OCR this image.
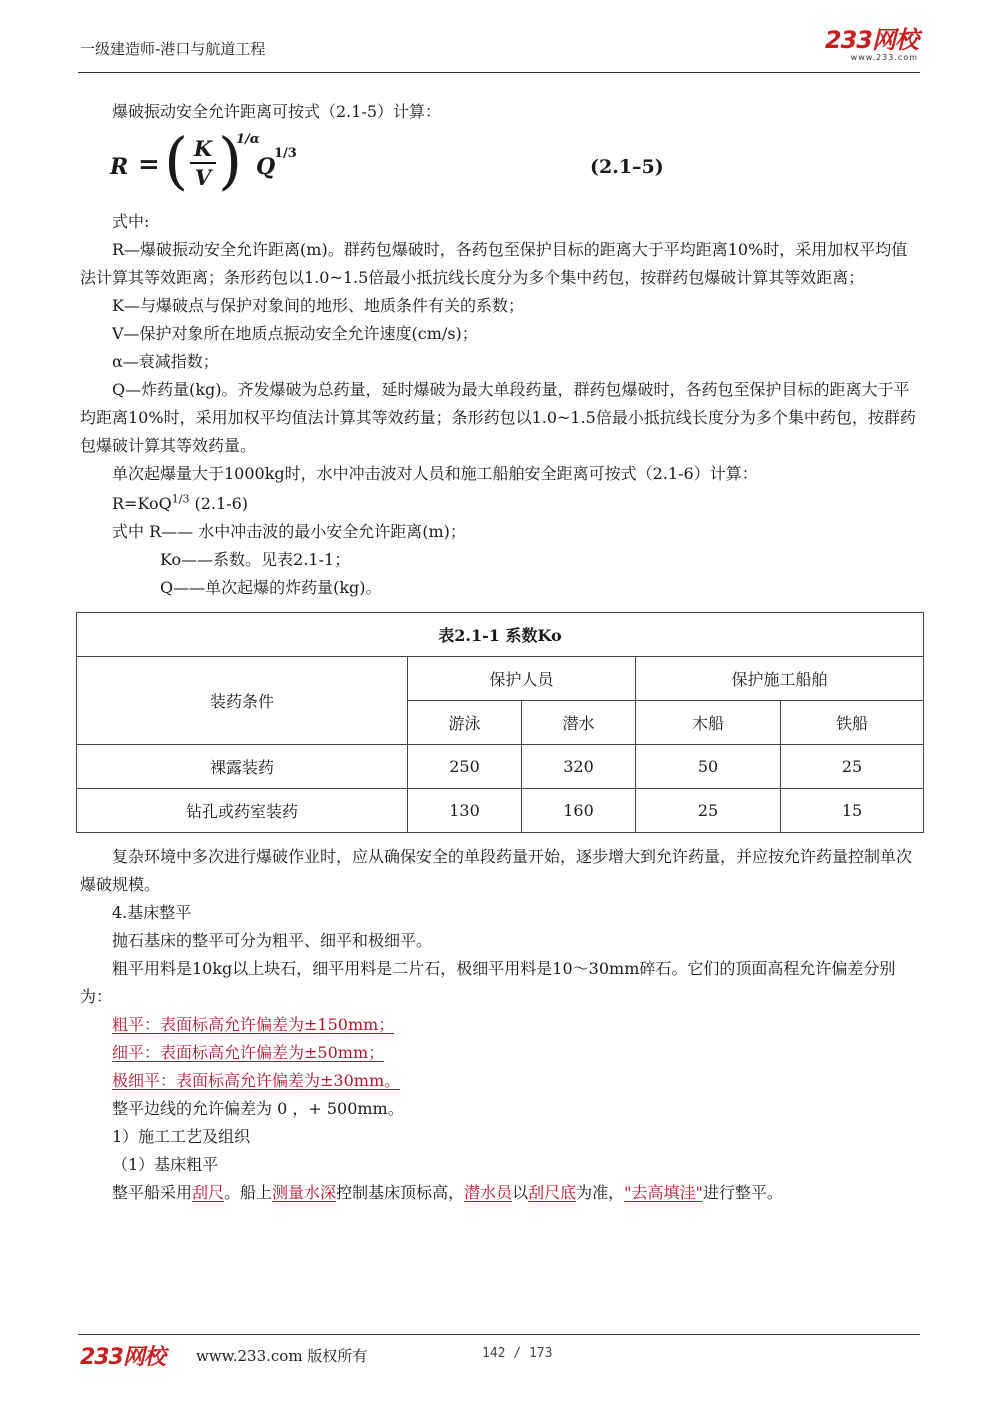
一级建造师-港口与航道工程	233网校
www.233.com

爆破振动安全允许距离可按式（2.1-5）计算：

R = ( $\frac{K}{V}$ )
1/α
Q
1/3
(2.1–5)

式中:

R—爆破振动安全允许距离(m)。群药包爆破时，各药包至保护目标的距离大于平均距离10%时，采用加权平均值法计算其等效距离；条形药包以1.0~1.5倍最小抵抗线长度分为多个集中药包，按群药包爆破计算其等效距离；

K—与爆破点与保护对象间的地形、地质条件有关的系数；

V—保护对象所在地质点振动安全允许速度(cm/s)；

α—衰减指数；

Q—炸药量(kg)。齐发爆破为总药量，延时爆破为最大单段药量，群药包爆破时，各药包至保护目标的距离大于平均距离10%时，采用加权平均值法计算其等效药量；条形药包以1.0~1.5倍最小抵抗线长度分为多个集中药包，按群药包爆破计算其等效药量。

单次起爆量大于1000kg时，水中冲击波对人员和施工船舶安全距离可按式（2.1-6）计算：

R=KoQ$^{1/3}$ (2.1-6)

式中 R—— 水中冲击波的最小安全允许距离(m)；

Ko——系数。见表2.1-1；

Q——单次起爆的炸药量(kg)。

表2.1-1 系数Ko				
装药条件	保护人员		保护施工船舶	
	游泳	潜水	木船	铁船
裸露装药	250	320	50	25
钻孔或药室装药	130	160	25	15

复杂环境中多次进行爆破作业时，应从确保安全的单段药量开始，逐步增大到允许药量，并应按允许药量控制单次爆破规模。

4.基床整平

抛石基床的整平可分为粗平、细平和极细平。

粗平用料是10kg以上块石，细平用料是二片石，极细平用料是10～30mm碎石。它们的顶面高程允许偏差分别为：

粗平：表面标高允许偏差为±150mm；

细平：表面标高允许偏差为±50mm；

极细平：表面标高允许偏差为±30mm。

整平边线的允许偏差为 0 ，+ 500mm。

1）施工工艺及组织

（1）基床粗平

整平船采用刮尺。船上测量水深控制基床顶标高，潜水员以刮尺底为准，"去高填洼"进行整平。

233网校 www.233.com 版权所有	142 / 173
